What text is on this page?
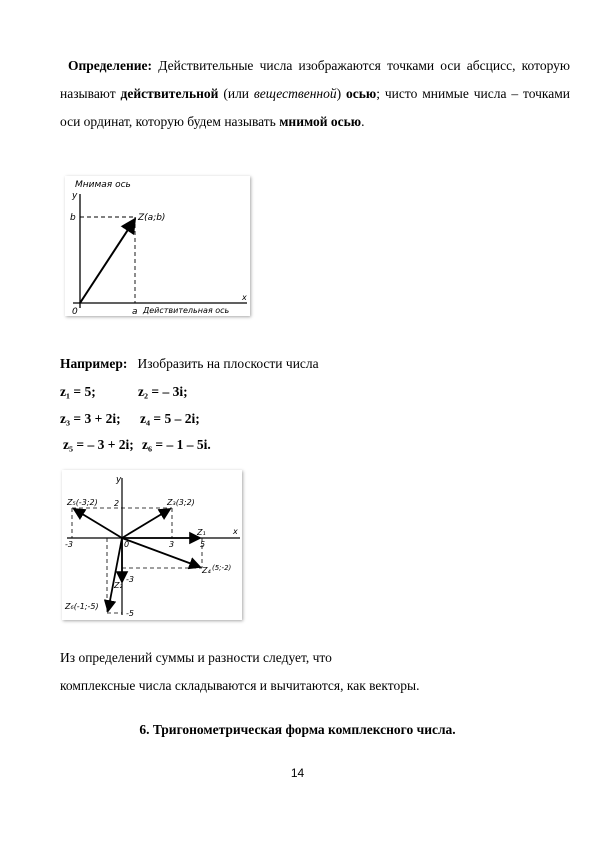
Определение: Действительные числа изображаются точками оси абсцисс, которую
называют действительной (или вещественной) осью; чисто мнимые числа – точками
оси ординат, которую будем называть мнимой осью.
Мнимая ось
y
b	Z(a;b)
0	a Действительная ось
x
Например: Изобразить на плоскости числа
z₁ = 5;	z₂ = – 3i;
z₃ = 3 + 2i; z₄ = 5 – 2i;
z₅ = – 3 + 2i; z₆ = – 1 – 5i.
y
x
Z₅(-3;2)	Z₃(3;2)
Z₁
Z₄ (5;-2)
Z₂
Z₆(-1;-5)
2
-3	0	3	5
-3
-5
Из определений суммы и разности следует, что
комплексные числа складываются и вычитаются, как векторы.
6. Тригонометрическая форма комплексного числа.
14
